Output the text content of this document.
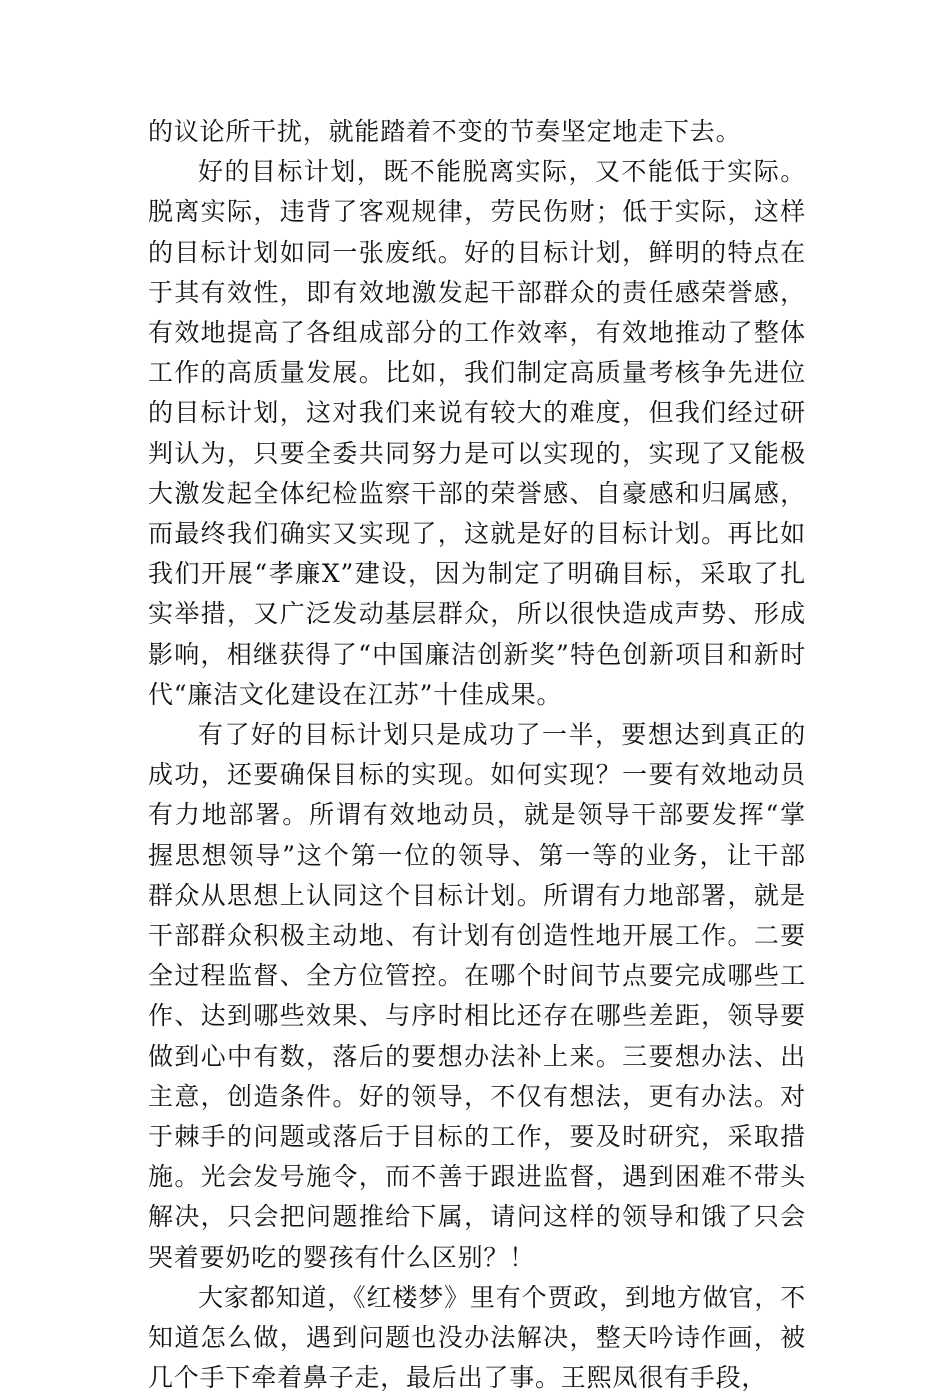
的议论所干扰，就能踏着不变的节奏坚定地走下去。

好的目标计划，既不能脱离实际，又不能低于实际。脱离实际，违背了客观规律，劳民伤财；低于实际，这样的目标计划如同一张废纸。好的目标计划，鲜明的特点在于其有效性，即有效地激发起干部群众的责任感荣誉感，有效地提高了各组成部分的工作效率，有效地推动了整体工作的高质量发展。比如，我们制定高质量考核争先进位的目标计划，这对我们来说有较大的难度，但我们经过研判认为，只要全委共同努力是可以实现的，实现了又能极大激发起全体纪检监察干部的荣誉感、自豪感和归属感，而最终我们确实又实现了，这就是好的目标计划。再比如我们开展“孝廉X”建设，因为制定了明确目标，采取了扎实举措，又广泛发动基层群众，所以很快造成声势、形成影响，相继获得了“中国廉洁创新奖”特色创新项目和新时代“廉洁文化建设在江苏”十佳成果。

有了好的目标计划只是成功了一半，要想达到真正的成功，还要确保目标的实现。如何实现？一要有效地动员有力地部署。所谓有效地动员，就是领导干部要发挥“掌握思想领导”这个第一位的领导、第一等的业务，让干部群众从思想上认同这个目标计划。所谓有力地部署，就是干部群众积极主动地、有计划有创造性地开展工作。二要全过程监督、全方位管控。在哪个时间节点要完成哪些工作、达到哪些效果、与序时相比还存在哪些差距，领导要做到心中有数，落后的要想办法补上来。三要想办法、出主意，创造条件。好的领导，不仅有想法，更有办法。对于棘手的问题或落后于目标的工作，要及时研究，采取措施。光会发号施令，而不善于跟进监督，遇到困难不带头解决，只会把问题推给下属，请问这样的领导和饿了只会哭着要奶吃的婴孩有什么区别？！

大家都知道，《红楼梦》里有个贾政，到地方做官，不知道怎么做，遇到问题也没办法解决，整天吟诗作画，被几个手下牵着鼻子走，最后出了事。王熙凤很有手段，
